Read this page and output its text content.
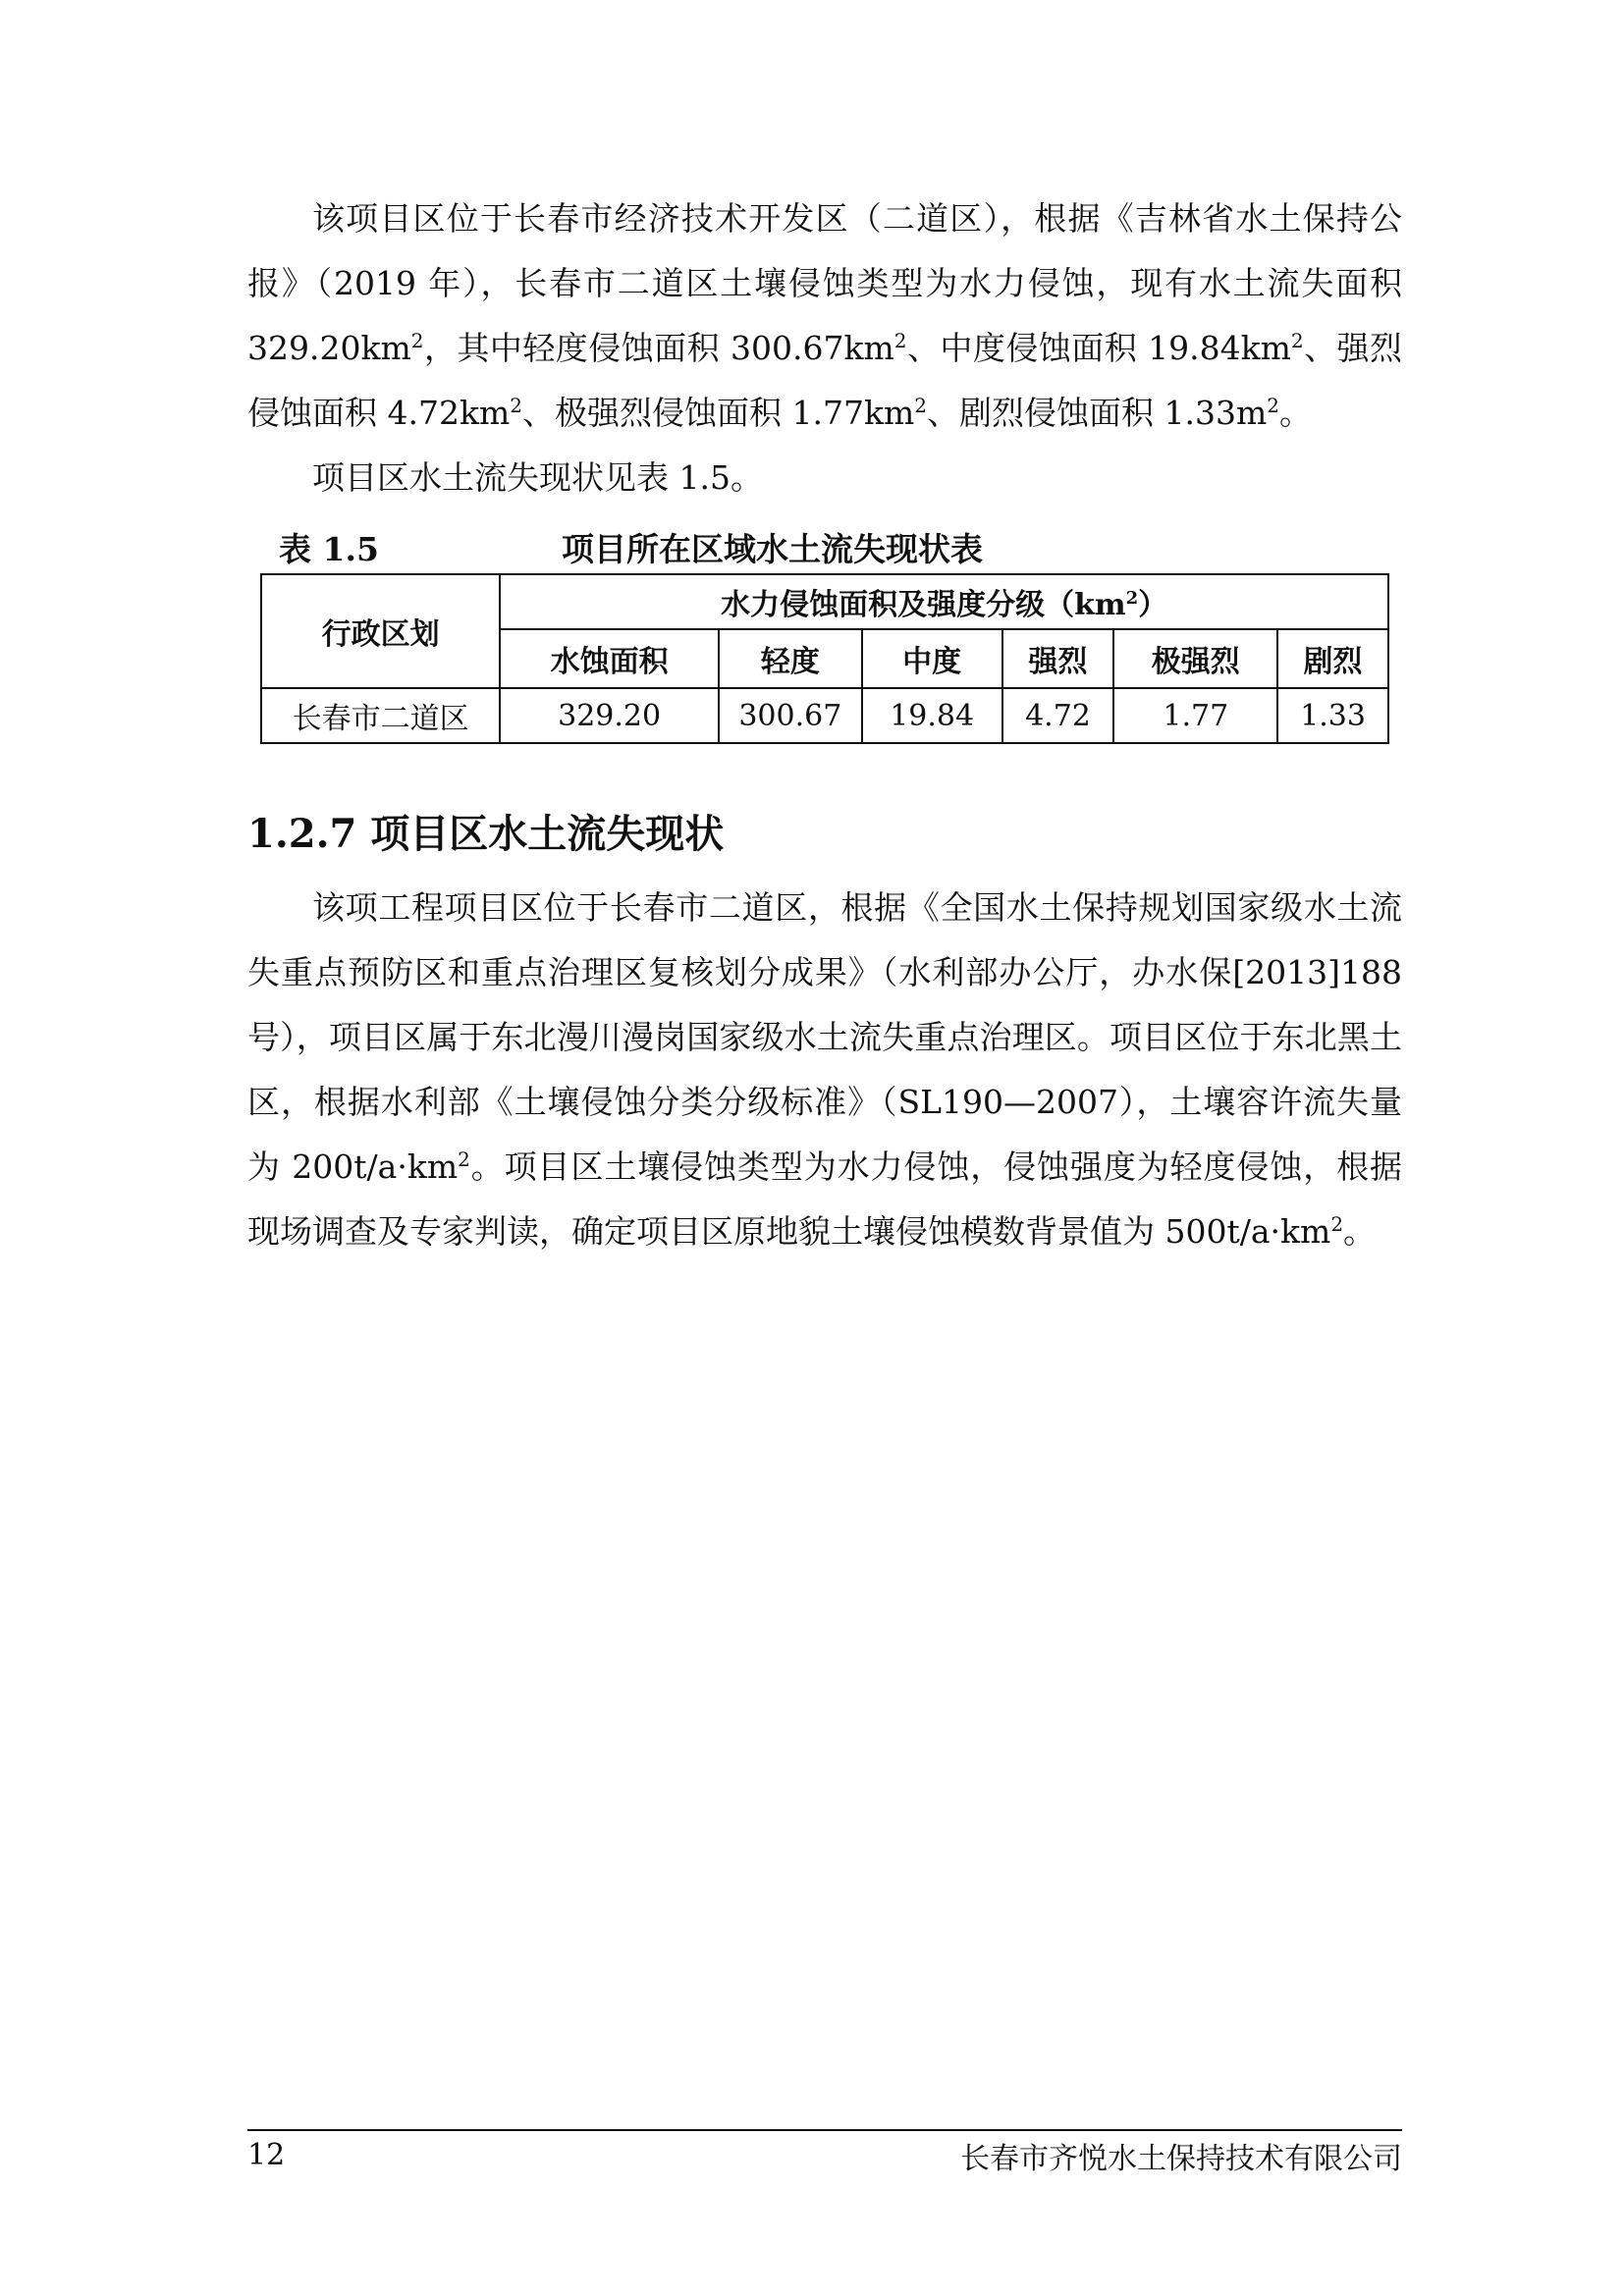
该项目区位于长春市经济技术开发区（二道区），根据《吉林省水土保持公报》（2019 年），长春市二道区土壤侵蚀类型为水力侵蚀，现有水土流失面积 $329.20km^2$，其中轻度侵蚀面积 $300.67km^2$、中度侵蚀面积 $19.84km^2$、强烈侵蚀面积 $4.72km^2$、极强烈侵蚀面积 $1.77km^2$、剧烈侵蚀面积 $1.33m^2$。

项目区水土流失现状见表 1.5。

表 1.5	项目所在区域水土流失现状表
行政区划	水力侵蚀面积及强度分级$(km^2)$					
	水蚀面积	轻度	中度	强烈	极强烈	剧烈
长春市二道区	329.20	300.67	19.84	4.72	1.77	1.33
1.2.7 项目区水土流失现状

该项工程项目区位于长春市二道区，根据《全国水土保持规划国家级水土流失重点预防区和重点治理区复核划分成果》（水利部办公厅，办水保[2013]188号），项目区属于东北漫川漫岗国家级水土流失重点治理区。项目区位于东北黑土区，根据水利部《土壤侵蚀分类分级标准》（SL190—2007），土壤容许流失量为 $200t/a\cdot km^2$。项目区土壤侵蚀类型为水力侵蚀，侵蚀强度为轻度侵蚀，根据现场调查及专家判读，确定项目区原地貌土壤侵蚀模数背景值为 $500t/a\cdot km^2$。

12	长春市齐悦水土保持技术有限公司
